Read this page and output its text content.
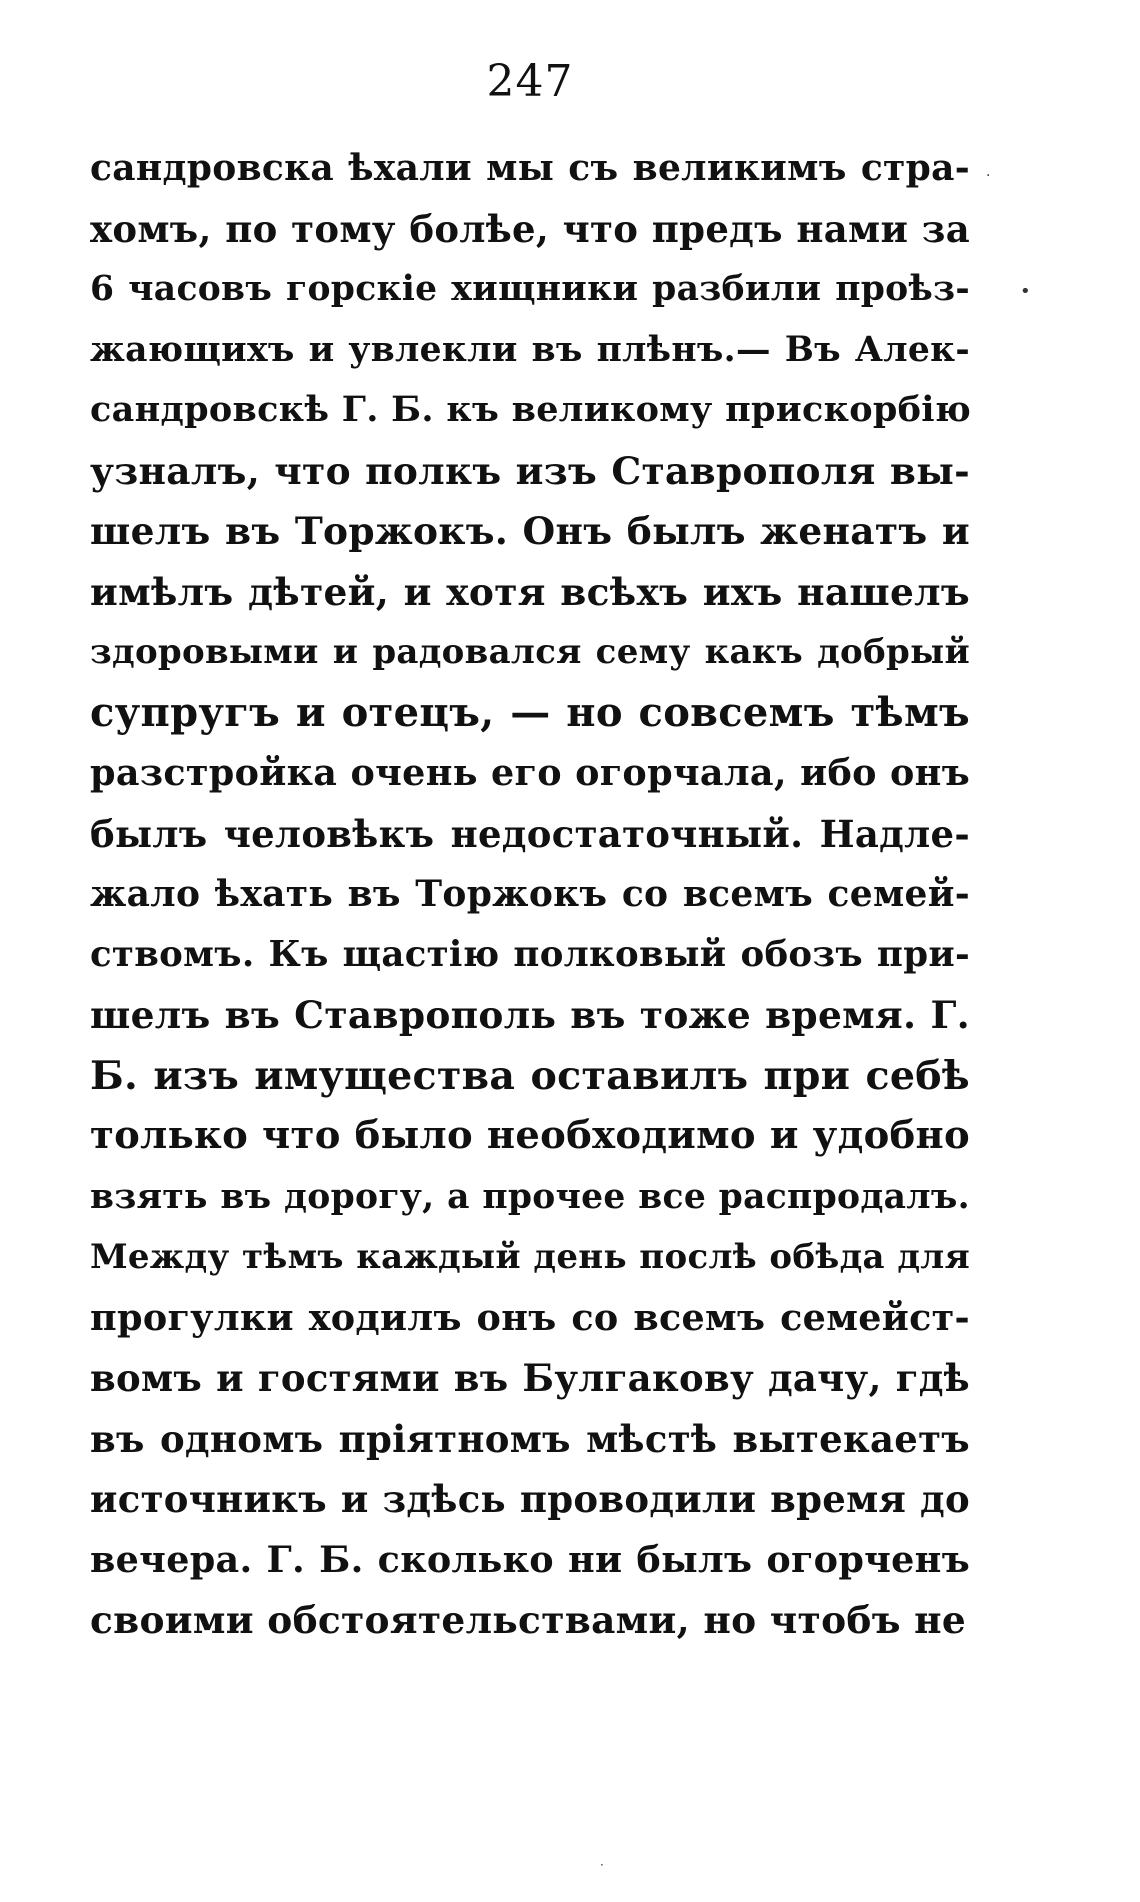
247
сандровска ѣхали мы съ великимъ стра-
хомъ, по тому болѣе, что предъ нами за
6 часовъ горскіе хищники разбили проѣз-
жающихъ и увлекли въ плѣнъ.— Въ Алек-
сандровскѣ Г. Б. къ великому прискорбію
узналъ, что полкъ изъ Ставрополя вы-
шелъ въ Торжокъ. Онъ былъ женатъ и
имѣлъ дѣтей, и хотя всѣхъ ихъ нашелъ
здоровыми и радовался сему какъ добрый
супругъ и отецъ, — но совсемъ тѣмъ
разстройка очень его огорчала, ибо онъ
былъ человѣкъ недостаточный. Надле-
жало ѣхать въ Торжокъ со всемъ семей-
ствомъ. Къ щастію полковый обозъ при-
шелъ въ Ставрополь въ тоже время. Г.
Б. изъ имущества оставилъ при себѣ
только что было необходимо и удобно
взять въ дорогу, а прочее все распродалъ.
Между тѣмъ каждый день послѣ обѣда для
прогулки ходилъ онъ со всемъ семейст-
вомъ и гостями въ Булгакову дачу, гдѣ
въ одномъ пріятномъ мѣстѣ вытекаетъ
источникъ и здѣсь проводили время до
вечера. Г. Б. сколько ни былъ огорченъ
своими обстоятельствами, но чтобъ не
•
·
·
